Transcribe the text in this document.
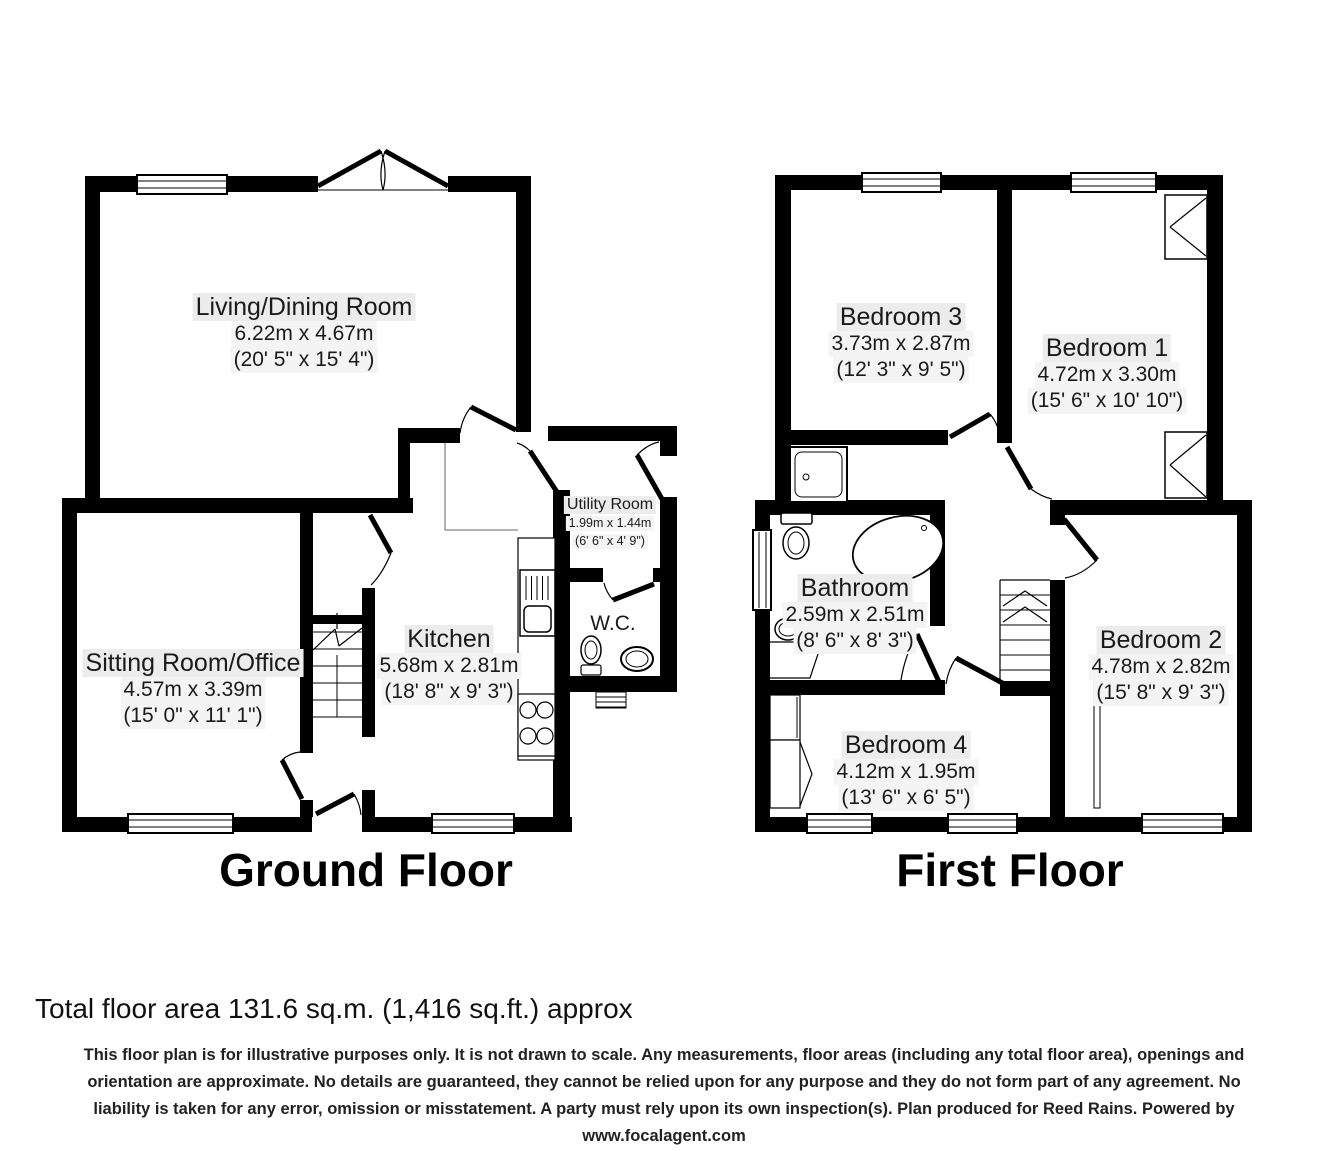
Living/Dining Room
6.22m x 4.67m
(20' 5" x 15' 4")
Sitting Room/Office
4.57m x 3.39m
(15' 0" x 11' 1")
Kitchen
5.68m x 2.81m
(18' 8" x 9' 3")
Utility Room
1.99m x 1.44m
(6' 6" x 4' 9")
W.C.
Bedroom 3
3.73m x 2.87m
(12' 3" x 9' 5")
Bedroom 1
4.72m x 3.30m
(15' 6" x 10' 10")
Bathroom
2.59m x 2.51m
(8' 6" x 8' 3")	Bedroom 2
4.78m x 2.82m
(15' 8" x 9' 3")
Bedroom 4
4.12m x 1.95m
(13' 6" x 6' 5")
Ground Floor	First Floor
Total floor area 131.6 sq.m. (1,416 sq.ft.) approx
This floor plan is for illustrative purposes only. It is not drawn to scale. Any measurements, floor areas (including any total floor area), openings and
orientation are approximate. No details are guaranteed, they cannot be relied upon for any purpose and they do not form part of any agreement. No
liability is taken for any error, omission or misstatement. A party must rely upon its own inspection(s). Plan produced for Reed Rains. Powered by
www.focalagent.com
